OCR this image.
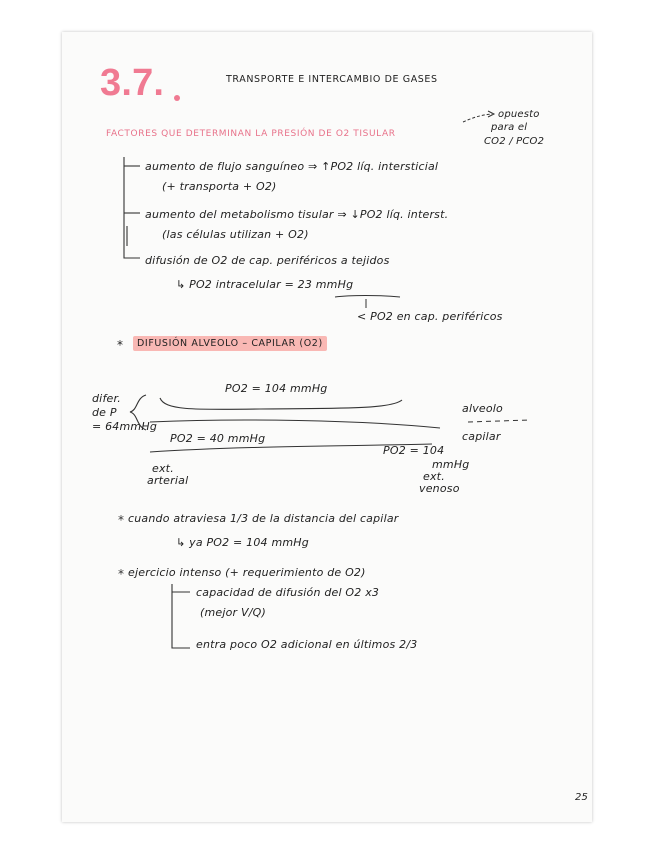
3.7.	TRANSPORTE E INTERCAMBIO DE GASES
opuesto
para el
CO2 / PCO2
FACTORES QUE DETERMINAN LA PRESIÓN DE O2 TISULAR
aumento de flujo sanguíneo ⇒ ↑PO2 líq. intersticial
(+ transporta + O2)
aumento del metabolismo tisular ⇒ ↓PO2 líq. interst.
(las células utilizan + O2)
difusión de O2 de cap. periféricos a tejidos
↳ PO2 intracelular = 23 mmHg
< PO2 en cap. periféricos
*	DIFUSIÓN ALVEOLO – CAPILAR (O2)
difer.
de P
= 64mmHg
PO2 = 104 mmHg
alveolo
capilar
PO2 = 40 mmHg
PO2 = 104
mmHg
ext.
arterial	ext.
venoso
cuando atraviesa 1/3 de la distancia del capilar
↳ ya PO2 = 104 mmHg
ejercicio intenso (+ requerimiento de O2)
capacidad de difusión del O2 x3
(mejor V/Q)
entra poco O2 adicional en últimos 2/3
25
*
*
